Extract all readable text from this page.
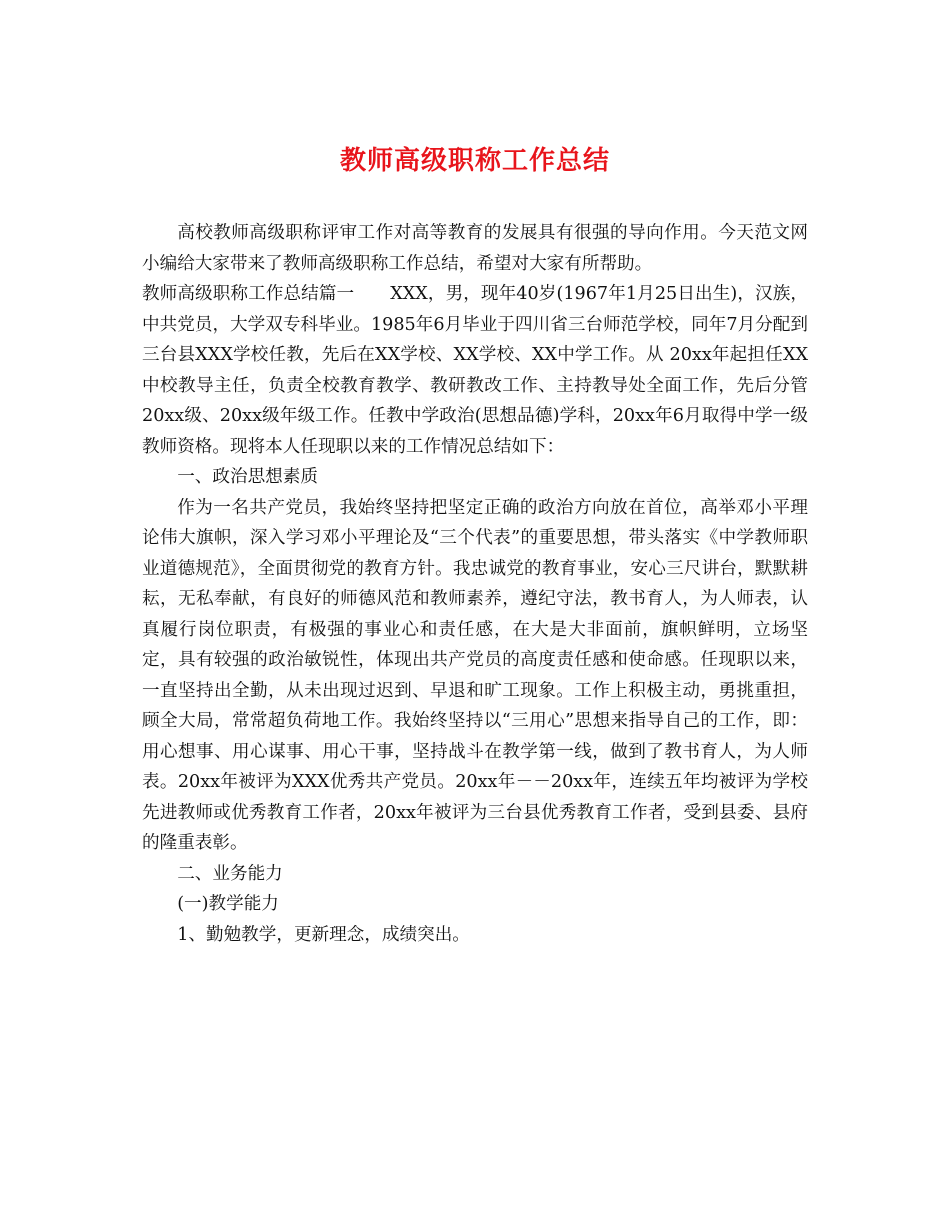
教师高级职称工作总结

高校教师高级职称评审工作对高等教育的发展具有很强的导向作用。今天范文网小编给大家带来了教师高级职称工作总结，希望对大家有所帮助。

教师高级职称工作总结篇一 XXX，男，现年40岁(1967年1月25日出生)，汉族，中共党员，大学双专科毕业。1985年6月毕业于四川省三台师范学校，同年7月分配到三台县XXX学校任教，先后在XX学校、XX学校、XX中学工作。从 20xx年起担任XX中校教导主任，负责全校教育教学、教研教改工作、主持教导处全面工作，先后分管20xx级、20xx级年级工作。任教中学政治(思想品德)学科，20xx年6月取得中学一级教师资格。现将本人任现职以来的工作情况总结如下：

一、政治思想素质

作为一名共产党员，我始终坚持把坚定正确的政治方向放在首位，高举邓小平理论伟大旗帜，深入学习邓小平理论及“三个代表”的重要思想，带头落实《中学教师职业道德规范》，全面贯彻党的教育方针。我忠诚党的教育事业，安心三尺讲台，默默耕耘，无私奉献，有良好的师德风范和教师素养，遵纪守法，教书育人，为人师表，认真履行岗位职责，有极强的事业心和责任感，在大是大非面前，旗帜鲜明，立场坚定，具有较强的政治敏锐性，体现出共产党员的高度责任感和使命感。任现职以来，一直坚持出全勤，从未出现过迟到、早退和旷工现象。工作上积极主动，勇挑重担，顾全大局，常常超负荷地工作。我始终坚持以“三用心”思想来指导自己的工作，即：用心想事、用心谋事、用心干事，坚持战斗在教学第一线，做到了教书育人，为人师表。20xx年被评为XXX优秀共产党员。20xx年－－20xx年，连续五年均被评为学校先进教师或优秀教育工作者，20xx年被评为三台县优秀教育工作者，受到县委、县府的隆重表彰。

二、业务能力

(一)教学能力

1、勤勉教学，更新理念，成绩突出。
